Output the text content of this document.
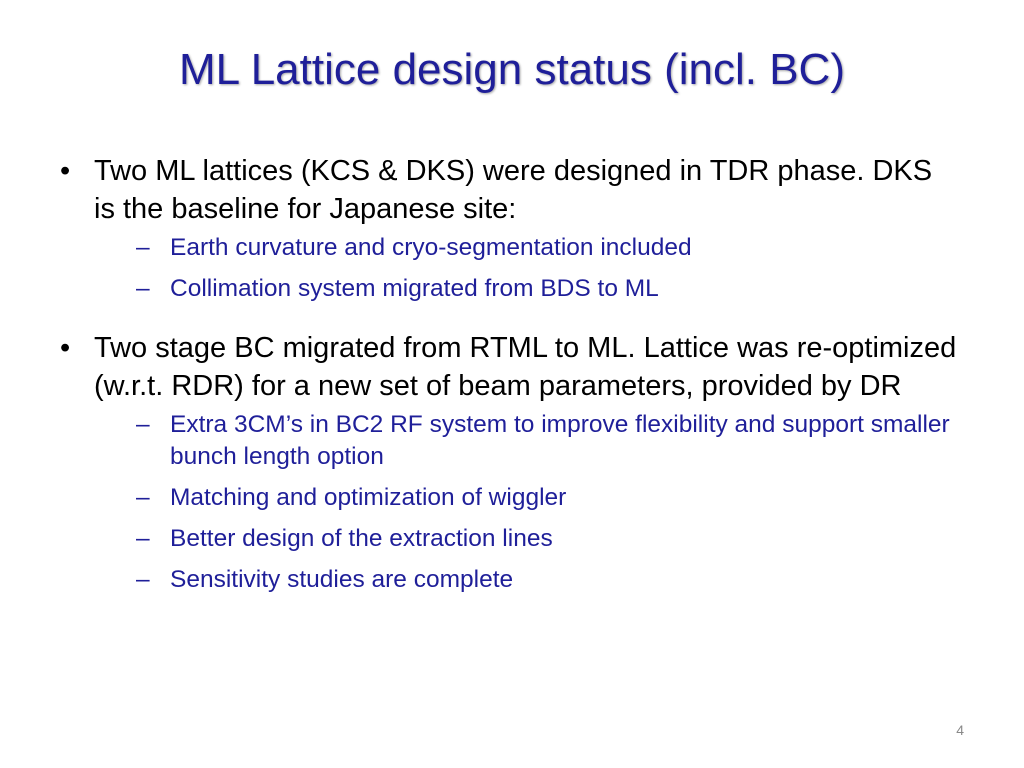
ML Lattice design status (incl. BC)
• Two ML lattices (KCS & DKS) were designed in TDR phase. DKS is the baseline for Japanese site:
– Earth curvature and cryo-segmentation included
– Collimation system migrated from BDS to ML
• Two stage BC migrated from RTML to ML. Lattice was re-optimized (w.r.t. RDR) for a new set of beam parameters, provided by DR
– Extra 3CM’s in BC2 RF system to improve flexibility and support smaller bunch length option
– Matching and optimization of wiggler
– Better design of the extraction lines
– Sensitivity studies are complete
4
